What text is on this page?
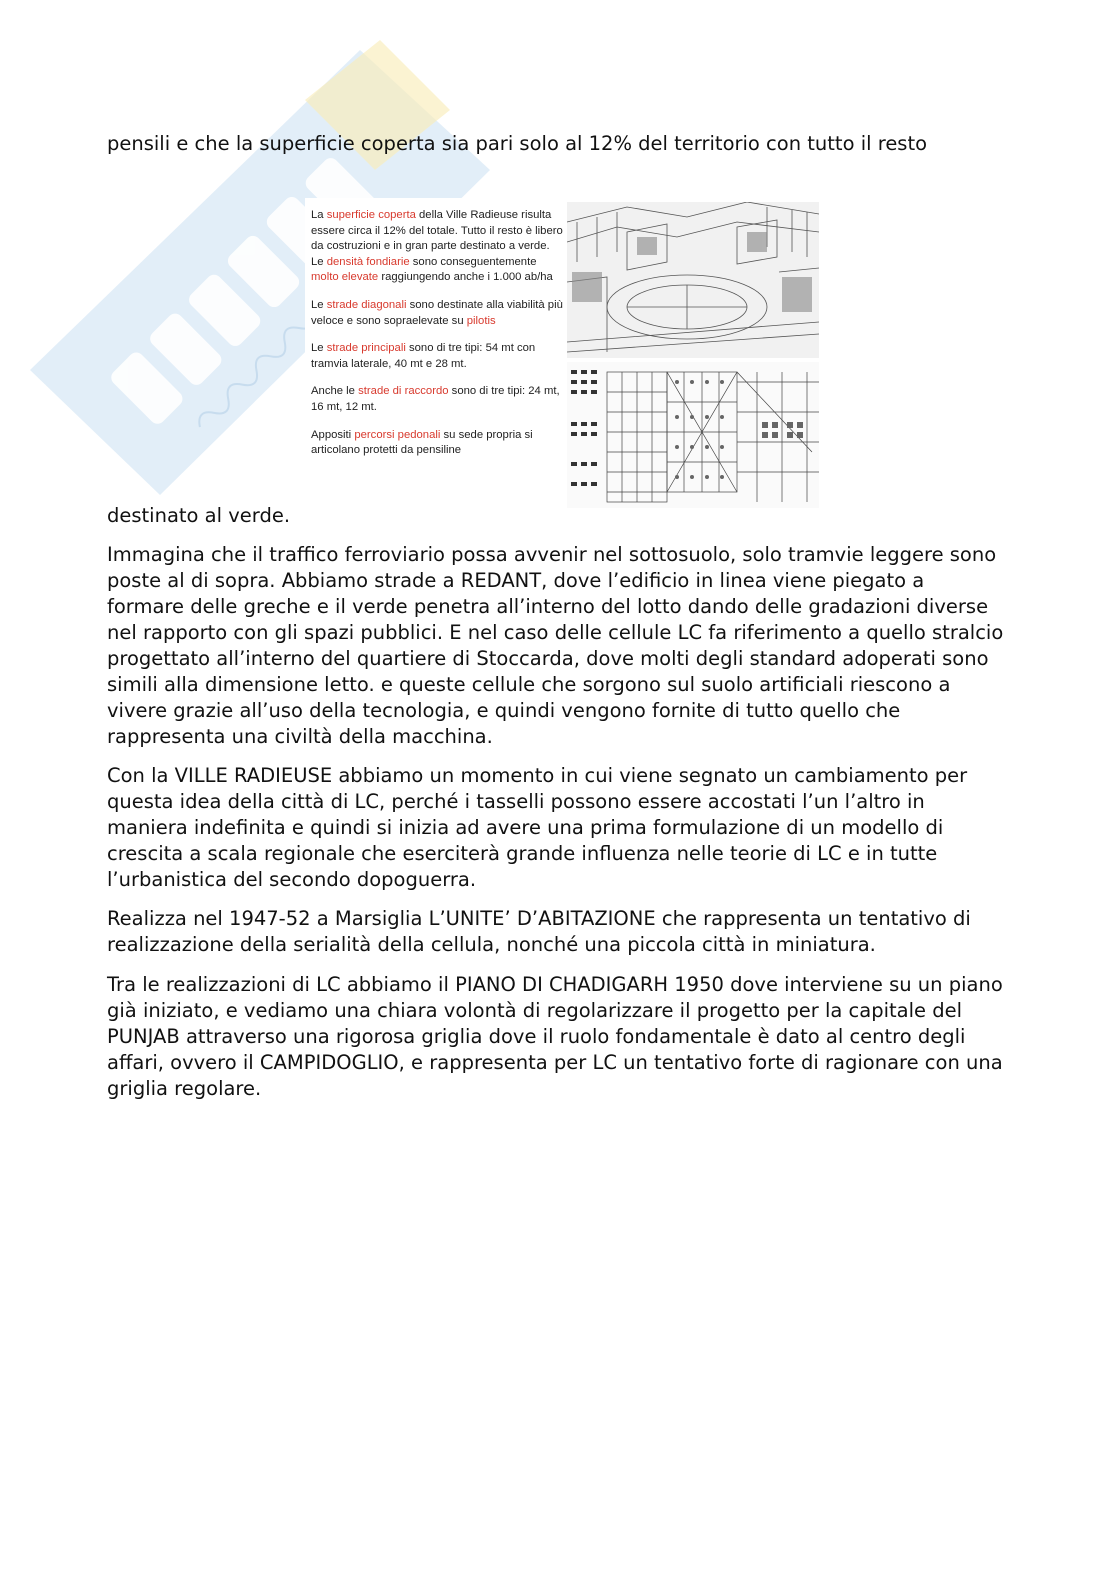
pensili e che la superficie coperta sia pari solo al 12% del territorio con tutto il resto

La superficie coperta della Ville Radieuse risulta essere circa il 12% del totale. Tutto il resto è libero da costruzioni e in gran parte destinato a verde. Le densità fondiarie sono conseguentemente molto elevate raggiungendo anche i 1.000 ab/ha

Le strade diagonali sono destinate alla viabilità più veloce e sono sopraelevate su pilotis

Le strade principali sono di tre tipi: 54 mt con tramvia laterale, 40 mt e 28 mt.

Anche le strade di raccordo sono di tre tipi: 24 mt, 16 mt, 12 mt.

Appositi percorsi pedonali su sede propria si articolano protetti da pensiline

destinato al verde.

Immagina che il traffico ferroviario possa avvenir nel sottosuolo, solo tramvie leggere sono poste al di sopra. Abbiamo strade a REDANT, dove l’edificio in linea viene piegato a formare delle greche e il verde penetra all’interno del lotto dando delle gradazioni diverse nel rapporto con gli spazi pubblici. E nel caso delle cellule LC fa riferimento a quello stralcio progettato all’interno del quartiere di Stoccarda, dove molti degli standard adoperati sono simili alla dimensione letto. e queste cellule che sorgono sul suolo artificiali riescono a vivere grazie all’uso della tecnologia, e quindi vengono fornite di tutto quello che rappresenta una civiltà della macchina.

Con la VILLE RADIEUSE abbiamo un momento in cui viene segnato un cambiamento per questa idea della città di LC, perché i tasselli possono essere accostati l’un l’altro in maniera indefinita e quindi si inizia ad avere una prima formulazione di un modello di crescita a scala regionale che eserciterà grande influenza nelle teorie di LC e in tutte l’urbanistica del secondo dopoguerra.

Realizza nel 1947-52 a Marsiglia L’UNITE’ D’ABITAZIONE che rappresenta un tentativo di realizzazione della serialità della cellula, nonché una piccola città in miniatura.

Tra le realizzazioni di LC abbiamo il PIANO DI CHADIGARH 1950 dove interviene su un piano già iniziato, e vediamo una chiara volontà di regolarizzare il progetto per la capitale del PUNJAB attraverso una rigorosa griglia dove il ruolo fondamentale è dato al centro degli affari, ovvero il CAMPIDOGLIO, e rappresenta per LC un tentativo forte di ragionare con una griglia regolare.
